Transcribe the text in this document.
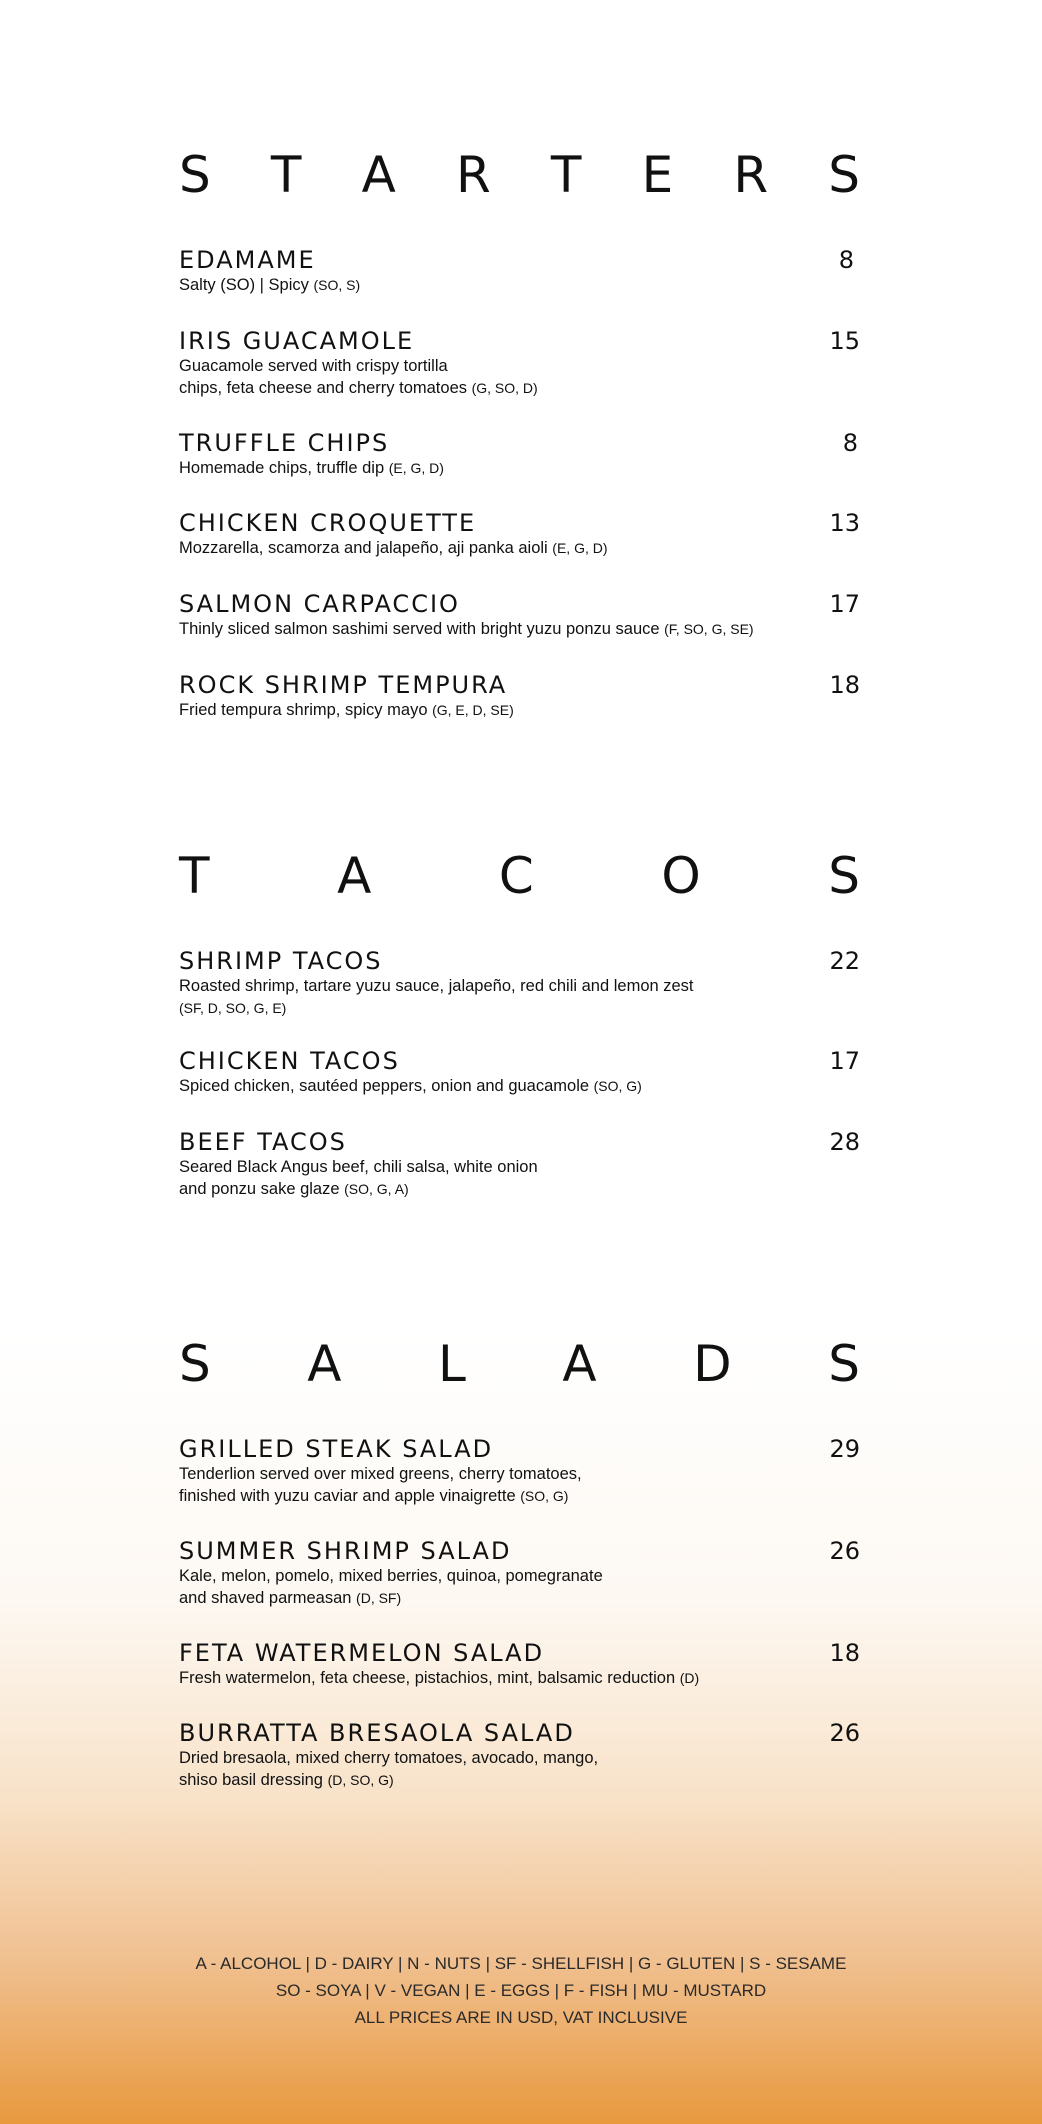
S T A R T E R S
EDAMAME	8
Salty (SO) | Spicy (SO, S)
IRIS GUACAMOLE	15
Guacamole served with crispy tortilla
chips, feta cheese and cherry tomatoes (G, SO, D)
TRUFFLE CHIPS	8
Homemade chips, truffle dip (E, G, D)
CHICKEN CROQUETTE	13
Mozzarella, scamorza and jalapeño, aji panka aioli (E, G, D)
SALMON CARPACCIO	17
Thinly sliced salmon sashimi served with bright yuzu ponzu sauce (F, SO, G, SE)
ROCK SHRIMP TEMPURA	18
Fried tempura shrimp, spicy mayo (G, E, D, SE)
T	A	C	O	S
SHRIMP TACOS	22
Roasted shrimp, tartare yuzu sauce, jalapeño, red chili and lemon zest
(SF, D, SO, G, E)
CHICKEN TACOS	17
Spiced chicken, sautéed peppers, onion and guacamole (SO, G)
BEEF TACOS	28
Seared Black Angus beef, chili salsa, white onion
and ponzu sake glaze (SO, G, A)
S A L A D S
GRILLED STEAK SALAD	29
Tenderlion served over mixed greens, cherry tomatoes,
finished with yuzu caviar and apple vinaigrette (SO, G)
SUMMER SHRIMP SALAD	26
Kale, melon, pomelo, mixed berries, quinoa, pomegranate
and shaved parmeasan (D, SF)
FETA WATERMELON SALAD	18
Fresh watermelon, feta cheese, pistachios, mint, balsamic reduction (D)
BURRATTA BRESAOLA SALAD	26
Dried bresaola, mixed cherry tomatoes, avocado, mango,
shiso basil dressing (D, SO, G)
A - ALCOHOL | D - DAIRY | N - NUTS | SF - SHELLFISH | G - GLUTEN | S - SESAME
SO - SOYA | V - VEGAN | E - EGGS | F - FISH | MU - MUSTARD
ALL PRICES ARE IN USD, VAT INCLUSIVE
